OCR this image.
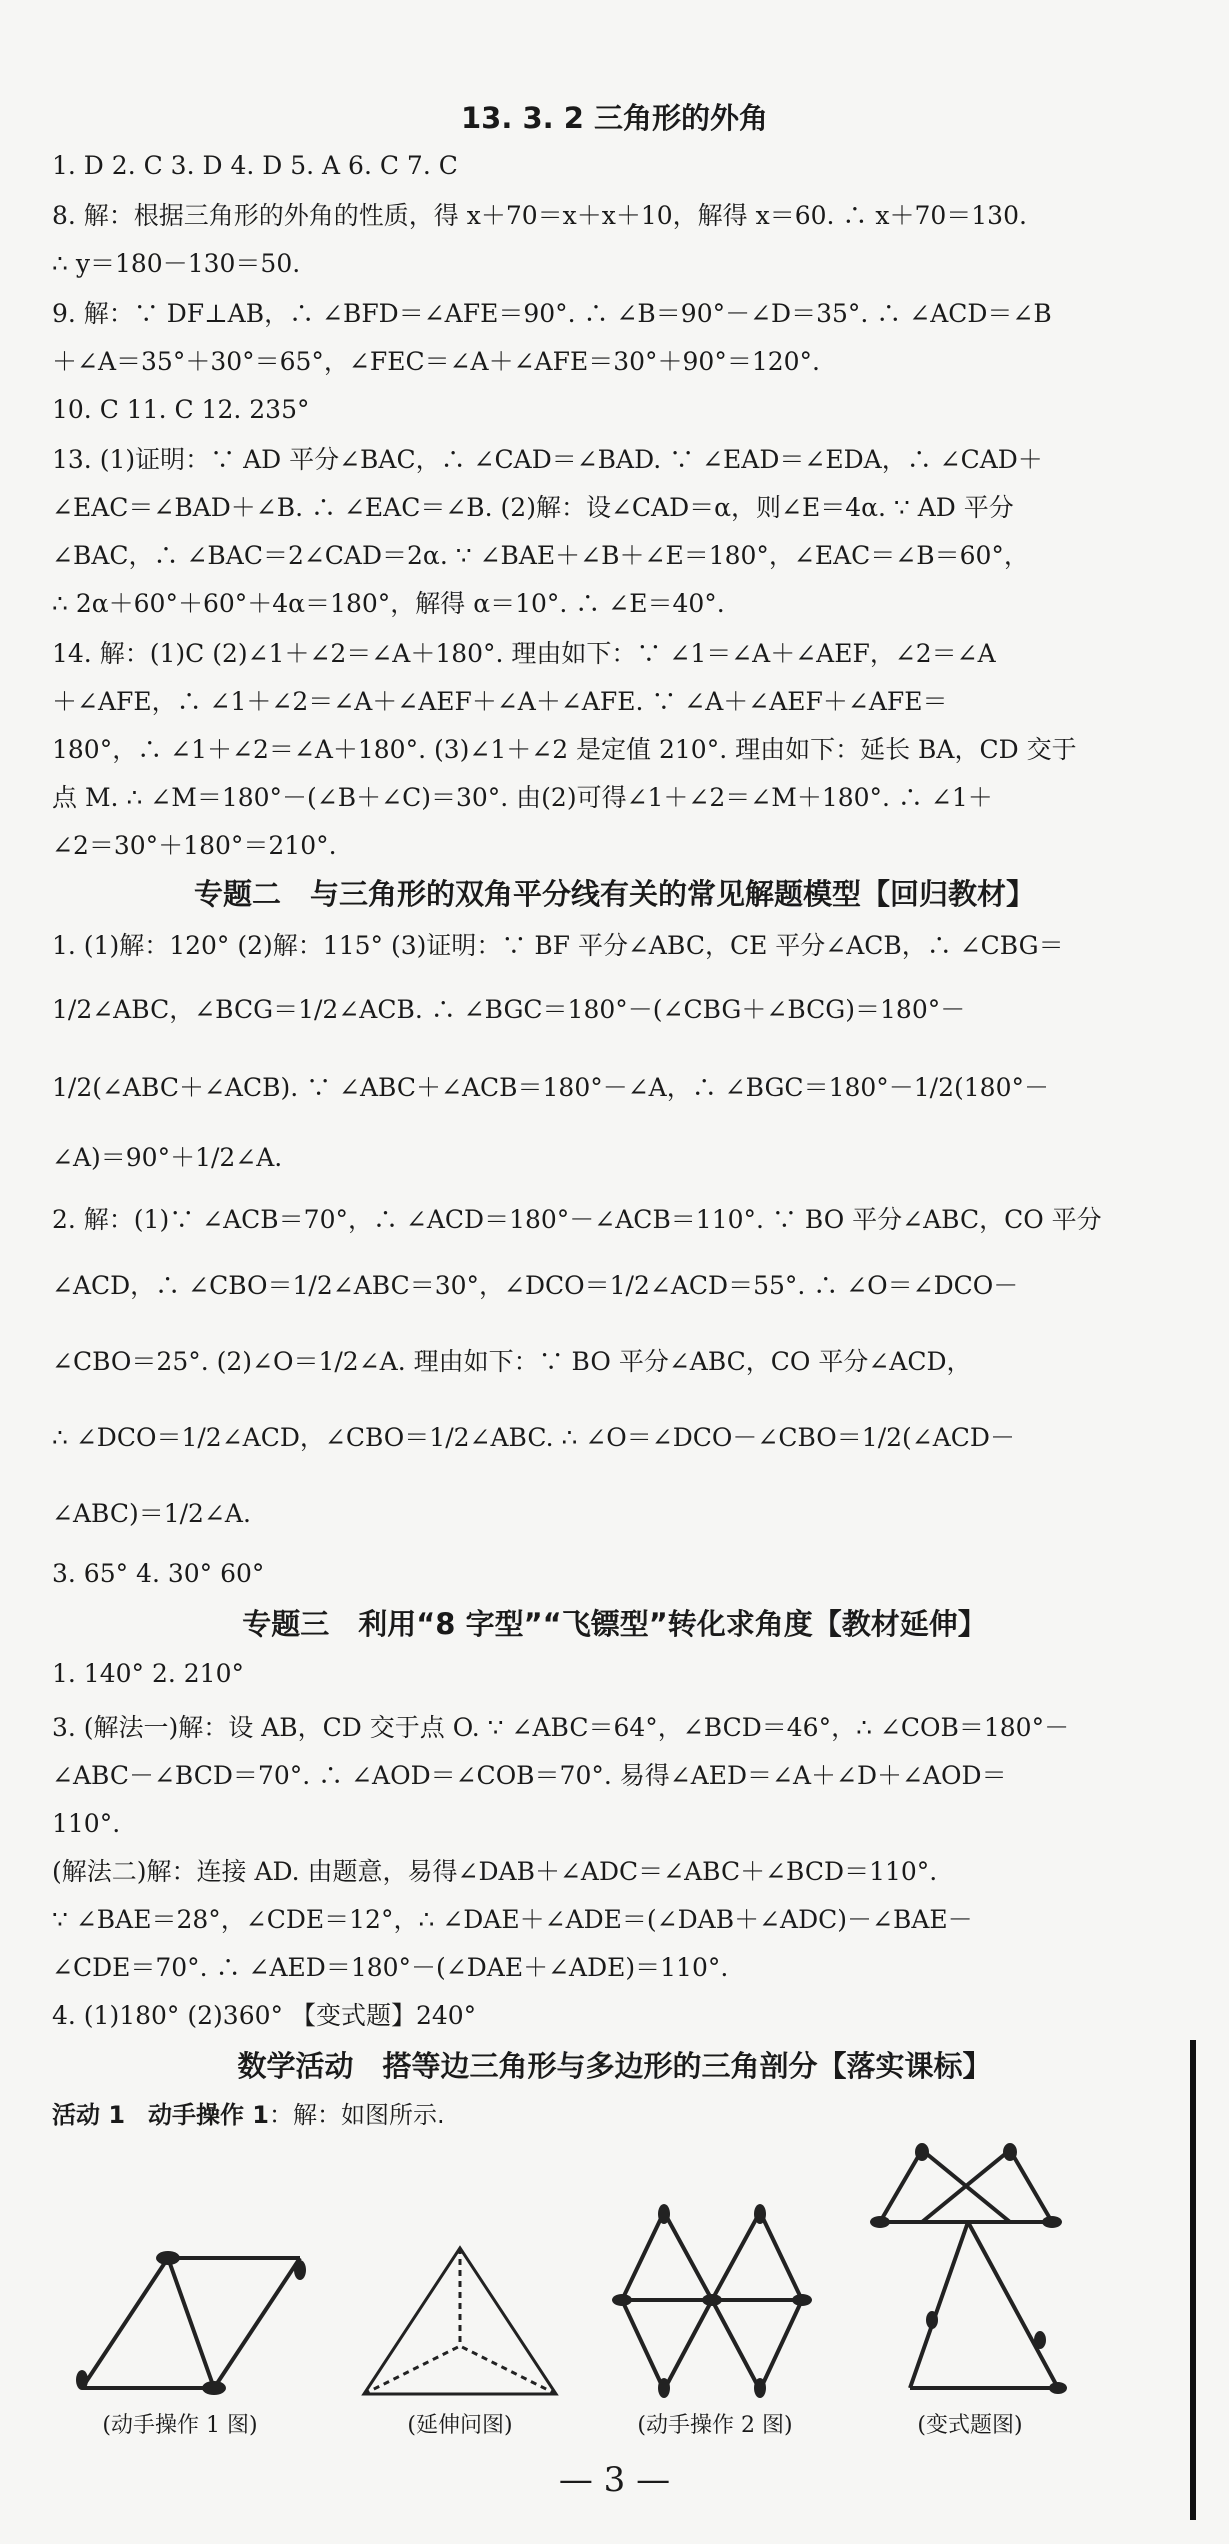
13. 3. 2 三角形的外角
1. D 2. C 3. D 4. D 5. A 6. C 7. C
8. 解：根据三角形的外角的性质，得 x＋70＝x＋x＋10，解得 x＝60. ∴ x＋70＝130.
∴ y＝180－130＝50.
9. 解：∵ DF⊥AB，∴ ∠BFD＝∠AFE＝90°. ∴ ∠B＝90°－∠D＝35°. ∴ ∠ACD＝∠B
＋∠A＝35°＋30°＝65°，∠FEC＝∠A＋∠AFE＝30°＋90°＝120°.
10. C 11. C 12. 235°
13. (1)证明：∵ AD 平分∠BAC，∴ ∠CAD＝∠BAD. ∵ ∠EAD＝∠EDA，∴ ∠CAD＋
∠EAC＝∠BAD＋∠B. ∴ ∠EAC＝∠B. (2)解：设∠CAD＝α，则∠E＝4α. ∵ AD 平分
∠BAC，∴ ∠BAC＝2∠CAD＝2α. ∵ ∠BAE＋∠B＋∠E＝180°，∠EAC＝∠B＝60°，
∴ 2α＋60°＋60°＋4α＝180°，解得 α＝10°. ∴ ∠E＝40°.
14. 解：(1)C (2)∠1＋∠2＝∠A＋180°. 理由如下：∵ ∠1＝∠A＋∠AEF，∠2＝∠A
＋∠AFE，∴ ∠1＋∠2＝∠A＋∠AEF＋∠A＋∠AFE. ∵ ∠A＋∠AEF＋∠AFE＝
180°，∴ ∠1＋∠2＝∠A＋180°. (3)∠1＋∠2 是定值 210°. 理由如下：延长 BA，CD 交于
点 M. ∴ ∠M＝180°－(∠B＋∠C)＝30°. 由(2)可得∠1＋∠2＝∠M＋180°. ∴ ∠1＋
∠2＝30°＋180°＝210°.
专题二　与三角形的双角平分线有关的常见解题模型【回归教材】
1. (1)解：120° (2)解：115° (3)证明：∵ BF 平分∠ABC，CE 平分∠ACB，∴ ∠CBG＝
1/2∠ABC，∠BCG＝1/2∠ACB. ∴ ∠BGC＝180°－(∠CBG＋∠BCG)＝180°－
1/2(∠ABC＋∠ACB). ∵ ∠ABC＋∠ACB＝180°－∠A，∴ ∠BGC＝180°－1/2(180°－
∠A)＝90°＋1/2∠A.
2. 解：(1)∵ ∠ACB＝70°，∴ ∠ACD＝180°－∠ACB＝110°. ∵ BO 平分∠ABC，CO 平分
∠ACD，∴ ∠CBO＝1/2∠ABC＝30°，∠DCO＝1/2∠ACD＝55°. ∴ ∠O＝∠DCO－
∠CBO＝25°. (2)∠O＝1/2∠A. 理由如下：∵ BO 平分∠ABC，CO 平分∠ACD，
∴ ∠DCO＝1/2∠ACD，∠CBO＝1/2∠ABC. ∴ ∠O＝∠DCO－∠CBO＝1/2(∠ACD－
∠ABC)＝1/2∠A.
3. 65° 4. 30° 60°
专题三　利用“8 字型”“飞镖型”转化求角度【教材延伸】
1. 140° 2. 210°
3. (解法一)解：设 AB，CD 交于点 O. ∵ ∠ABC＝64°，∠BCD＝46°，∴ ∠COB＝180°－
∠ABC－∠BCD＝70°. ∴ ∠AOD＝∠COB＝70°. 易得∠AED＝∠A＋∠D＋∠AOD＝
110°.
(解法二)解：连接 AD. 由题意，易得∠DAB＋∠ADC＝∠ABC＋∠BCD＝110°.
∵ ∠BAE＝28°，∠CDE＝12°，∴ ∠DAE＋∠ADE＝(∠DAB＋∠ADC)－∠BAE－
∠CDE＝70°. ∴ ∠AED＝180°－(∠DAE＋∠ADE)＝110°.
4. (1)180° (2)360° 【变式题】240°
数学活动　搭等边三角形与多边形的三角剖分【落实课标】
活动 1 动手操作 1：解：如图所示.
(动手操作 1 图)	(延伸问图)	(动手操作 2 图)	(变式题图)
— 3 —
